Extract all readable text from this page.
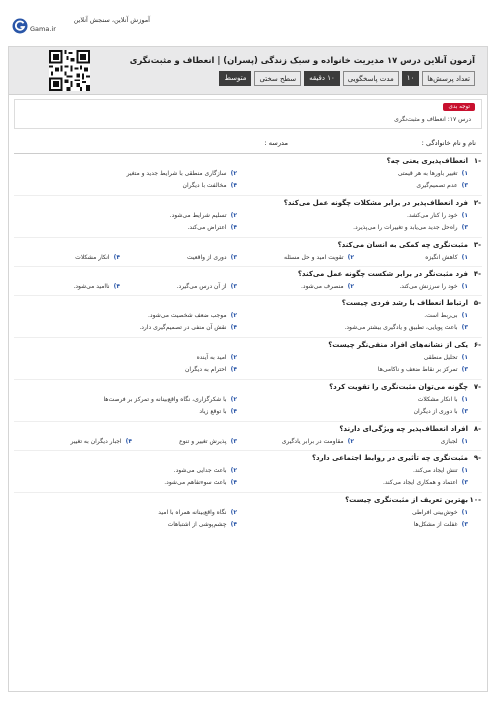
آموزش آنلاین، سنجش آنلاین
Gama.ir
آزمون آنلاین درس ۱۷ مدیریت خانواده و سبک زندگی (پسران) | انعطاف و مثبت‌نگری
تعداد پرسش‌ها
۱۰
مدت پاسخگویی
۱۰ دقیقه
سطح سختی
متوسط
توجه بدی
درس ۱۷: انعطاف و مثبت‌نگری
نام و نام خانوادگی :
مدرسه :
-۱
انعطاف‌پذیری یعنی چه؟
۱)تغییر باورها به هر قیمتی
۲)سازگاری منطقی با شرایط جدید و متغیر
۳)عدم تصمیم‌گیری
۴)مخالفت با دیگران
-۲
فرد انعطاف‌پذیر در برابر مشکلات چگونه عمل می‌کند؟
۱)خود را کنار می‌کشد.
۲)تسلیم شرایط می‌شود.
۳)راه‌حل جدید می‌یابد و تغییرات را می‌پذیرد.
۴)اعتراض می‌کند.
-۳
مثبت‌نگری چه کمکی به انسان می‌کند؟
۱)کاهش انگیزه
۲)تقویت امید و حل مسئله
۳)دوری از واقعیت
۴)انکار مشکلات
-۴
فرد مثبت‌نگر در برابر شکست چگونه عمل می‌کند؟
۱)خود را سرزنش می‌کند.
۲)منصرف می‌شود.
۳)از آن درس می‌گیرد.
۴)ناامید می‌شود.
-۵
ارتباط انعطاف با رشد فردی چیست؟
۱)بی‌ربط است.
۲)موجب ضعف شخصیت می‌شود.
۳)باعث پویایی، تطبیق و یادگیری بیشتر می‌شود.
۴)نقش آن منفی در تصمیم‌گیری دارد.
-۶
یکی از نشانه‌های افراد منفی‌نگر چیست؟
۱)تحلیل منطقی
۲)امید به آینده
۳)تمرکز بر نقاط ضعف و ناکامی‌ها
۴)احترام به دیگران
-۷
چگونه می‌توان مثبت‌نگری را تقویت کرد؟
۱)با انکار مشکلات
۲)با شکرگزاری، نگاه واقع‌بینانه و تمرکز بر فرصت‌ها
۳)با دوری از دیگران
۴)با توقع زیاد
-۸
افراد انعطاف‌پذیر چه ویژگی‌ای دارند؟
۱)لجبازی
۲)مقاومت در برابر یادگیری
۳)پذیرش تغییر و تنوع
۴)اجبار دیگران به تغییر
-۹
مثبت‌نگری چه تأثیری در روابط اجتماعی دارد؟
۱)تنش ایجاد می‌کند.
۲)باعث جدایی می‌شود.
۳)اعتماد و همکاری ایجاد می‌کند.
۴)باعث سوءتفاهم می‌شود.
-۱۰
بهترین تعریف از مثبت‌نگری چیست؟
۱)خوش‌بینی افراطی
۲)نگاه واقع‌بینانه همراه با امید
۳)غفلت از مشکل‌ها
۴)چشم‌پوشی از اشتباهات
